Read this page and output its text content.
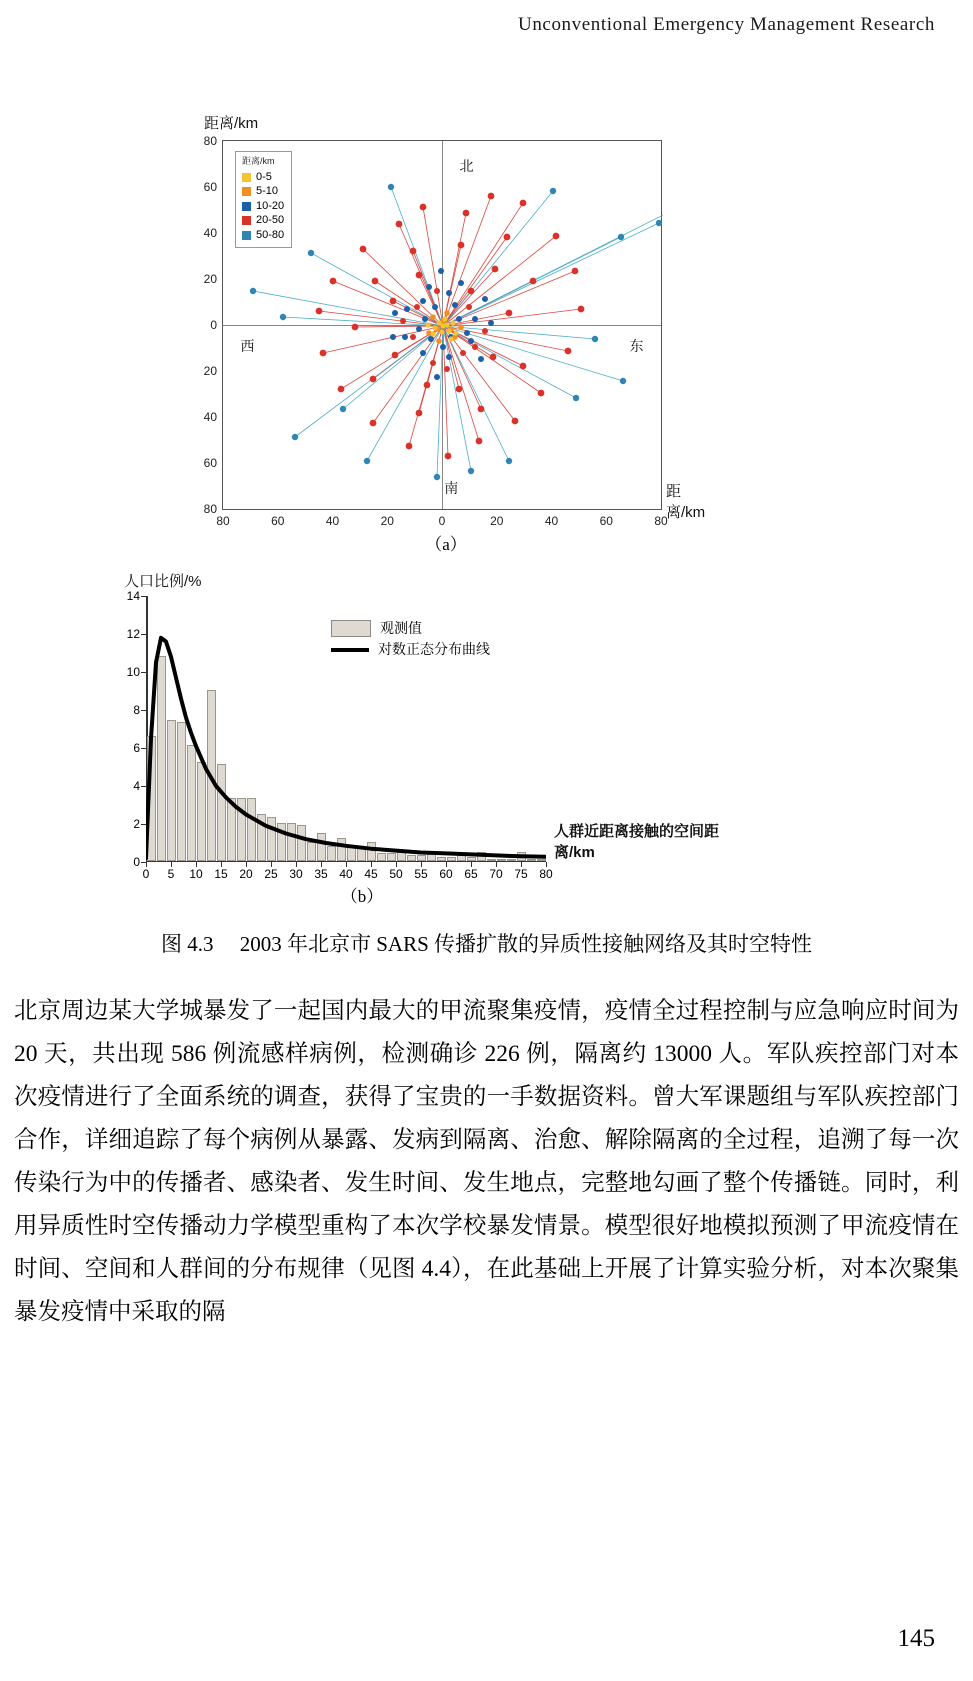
Unconventional Emergency Management Research
距离/km
80
60
40
20
0
20
40
60
80
80	60	40	20	0	20	40	60	80
北
南
东
西
距离/km
0-5
5-10
10-20
20-50
50-80
距离/km
（a）
人口比例/%
0
2
4
6
8
10
12
14
0 5 10 15 20 25 30 35 40 45 50 55 60 65 70 75 80
观测值
对数正态分布曲线
人群近距离接触的空间距离/km
（b）
图 4.3  2003 年北京市 SARS 传播扩散的异质性接触网络及其时空特性
北京周边某大学城暴发了一起国内最大的甲流聚集疫情，疫情全过程控制与应急响应时间为 20 天，共出现 586 例流感样病例，检测确诊 226 例，隔离约 13000 人。军队疾控部门对本次疫情进行了全面系统的调查，获得了宝贵的一手数据资料。曾大军课题组与军队疾控部门合作，详细追踪了每个病例从暴露、发病到隔离、治愈、解除隔离的全过程，追溯了每一次传染行为中的传播者、感染者、发生时间、发生地点，完整地勾画了整个传播链。同时，利用异质性时空传播动力学模型重构了本次学校暴发情景。模型很好地模拟预测了甲流疫情在时间、空间和人群间的分布规律（见图 4.4），在此基础上开展了计算实验分析，对本次聚集暴发疫情中采取的隔
145
